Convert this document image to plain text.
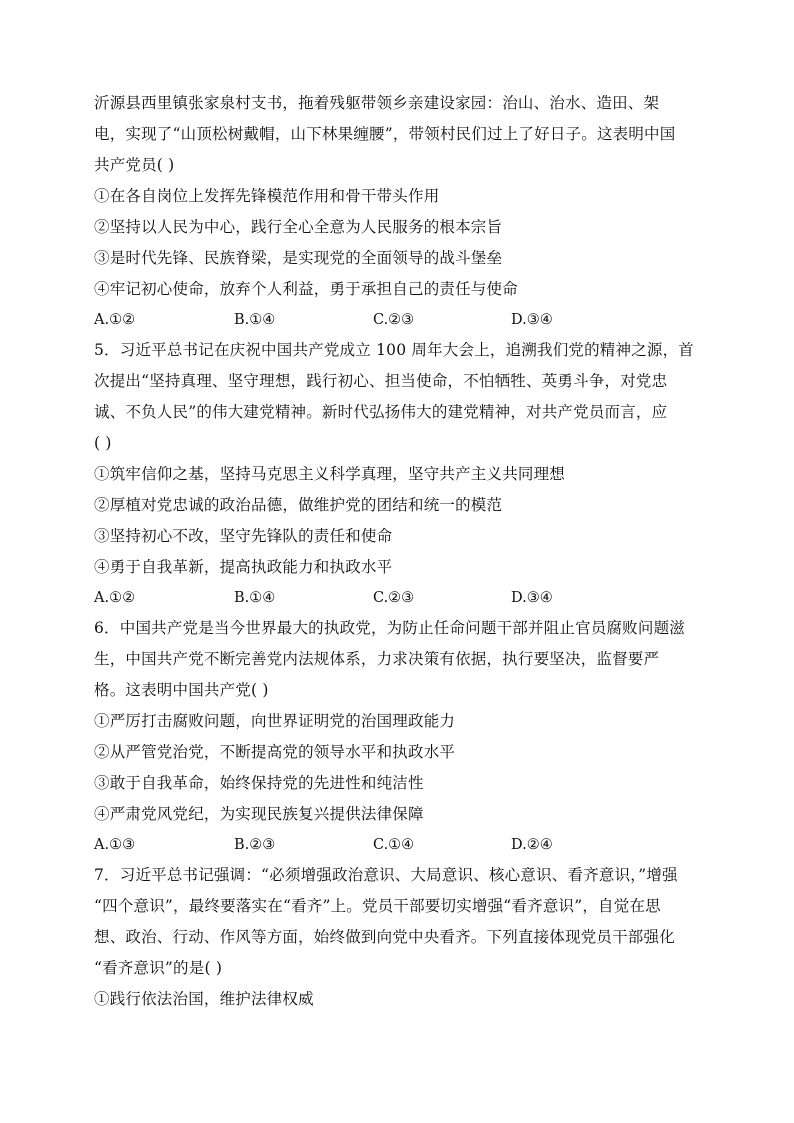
沂源县西里镇张家泉村支书，拖着残躯带领乡亲建设家园：治山、治水、造田、架
电，实现了“山顶松树戴帽，山下林果缠腰”，带领村民们过上了好日子。这表明中国
共产党员( )
①在各自岗位上发挥先锋模范作用和骨干带头作用
②坚持以人民为中心，践行全心全意为人民服务的根本宗旨
③是时代先锋、民族脊梁，是实现党的全面领导的战斗堡垒
④牢记初心使命，放弃个人利益，勇于承担自己的责任与使命
A.①②	B.①④	C.②③	D.③④
5．习近平总书记在庆祝中国共产党成立 100 周年大会上，追溯我们党的精神之源，首
次提出“坚持真理、坚守理想，践行初心、担当使命，不怕牺牲、英勇斗争，对党忠
诚、不负人民”的伟大建党精神。新时代弘扬伟大的建党精神，对共产党员而言，应
( )
①筑牢信仰之基，坚持马克思主义科学真理，坚守共产主义共同理想
②厚植对党忠诚的政治品德，做维护党的团结和统一的模范
③坚持初心不改，坚守先锋队的责任和使命
④勇于自我革新，提高执政能力和执政水平
A.①②	B.①④	C.②③	D.③④
6．中国共产党是当今世界最大的执政党，为防止任命问题干部并阻止官员腐败问题滋
生，中国共产党不断完善党内法规体系，力求决策有依据，执行要坚决，监督要严
格。这表明中国共产党( )
①严厉打击腐败问题，向世界证明党的治国理政能力
②从严管党治党，不断提高党的领导水平和执政水平
③敢于自我革命，始终保持党的先进性和纯洁性
④严肃党风党纪，为实现民族复兴提供法律保障
A.①③	B.②③	C.①④	D.②④
7．习近平总书记强调：“必须增强政治意识、大局意识、核心意识、看齐意识，”增强
“四个意识”，最终要落实在“看齐”上。党员干部要切实增强“看齐意识”，自觉在思
想、政治、行动、作风等方面，始终做到向党中央看齐。下列直接体现党员干部强化
“看齐意识”的是( )
①践行依法治国，维护法律权威
